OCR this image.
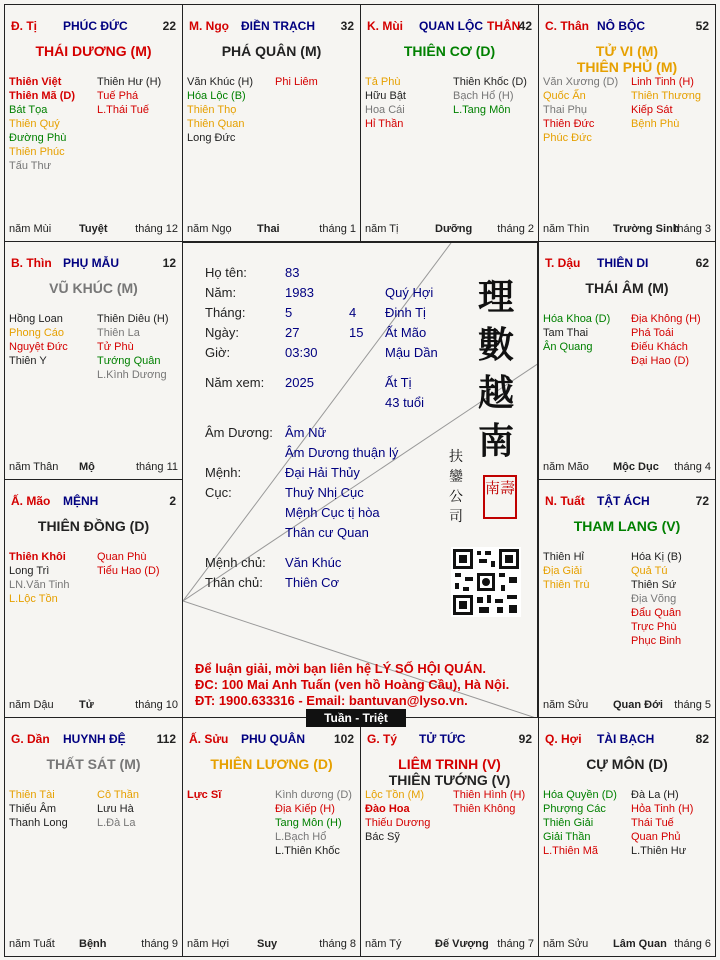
Đ. Tị PHÚC ĐỨC	22
THÁI DƯƠNG (M)
Thiên Việt
Thiên Mã (D)
Bát Tọa
Thiên Quý
Đường Phù
Thiên Phúc
Tấu Thư
Thiên Hư (H)
Tuế Phá
L.Thái Tuế
năm Mùi	Tuyệt	tháng 12
M. Ngọ ĐIỀN TRẠCH 32
PHÁ QUÂN (M)
Văn Khúc (H)
Hóa Lộc (B)
Thiên Thọ
Thiên Quan
Long Đức
Phi Liêm
năm Ngọ Thai	tháng 1
K. Mùi QUAN LỘC THÂN
42
THIÊN CƠ (D)
Tả Phù
Hữu Bật
Hoa Cái
Hỉ Thần
Thiên Khốc (D)
Bạch Hổ (H)
L.Tang Môn
năm Tị	Dưỡng tháng 2
C. Thân NÔ BỘC	52
TỬ VI (M)
THIÊN PHỦ (M)
Văn Xương (D)
Quốc Ấn
Thai Phụ
Thiên Đức
Phúc Đức
Linh Tinh (H)
Thiên Thương
Kiếp Sát
Bệnh Phù
năm Thìn Trường Sinh
tháng 3
B. Thìn PHỤ MẪU	12
VŨ KHÚC (M)
Hồng Loan
Phong Cáo
Nguyệt Đức
Thiên Y
Thiên Diêu (H)
Thiên La
Tử Phù
Tướng Quân
L.Kình Dương
năm Thân Mộ	tháng 11
T. Dậu THIÊN DI	62
THÁI ÂM (M)
Hóa Khoa (D)
Tam Thai
Ân Quang
Địa Không (H)
Phá Toái
Điếu Khách
Đại Hao (D)
năm Mão Mộc Dục tháng 4
Ấ. Mão MỆNH	2
THIÊN ĐỒNG (D)
Thiên Khôi
Long Trì
LN.Văn Tinh
L.Lộc Tồn
Quan Phù
Tiểu Hao (D)
năm Dậu Tử	tháng 10
N. Tuất TẬT ÁCH	72
THAM LANG (V)
Thiên Hỉ
Địa Giải
Thiên Trù
Hóa Kị (B)
Quả Tú
Thiên Sứ
Địa Võng
Đẩu Quân
Trực Phù
Phục Binh
năm Sửu Quan Đới tháng 5
G. Dần HUYNH ĐỆ	112
THẤT SÁT (M)
Thiên Tài
Thiếu Âm
Thanh Long
Cô Thần
Lưu Hà
L.Đà La
năm Tuất Bệnh	tháng 9
Ấ. Sửu PHU QUÂN 102
THIÊN LƯƠNG (D)
Lực Sĩ	Kình dương (D)
Địa Kiếp (H)
Tang Môn (H)
L.Bạch Hổ
L.Thiên Khốc
năm Hợi	Suy	tháng 8
G. Tý TỬ TỨC	92
LIÊM TRINH (V)
THIÊN TƯỚNG (V)
Lộc Tồn (M)
Đào Hoa
Thiếu Dương
Bác Sỹ
Thiên Hình (H)
Thiên Không
năm Tý	Đế Vượng tháng 7
Q. Hợi TÀI BẠCH	82
CỰ MÔN (D)
Hóa Quyền (D)
Phượng Các
Thiên Giải
Giải Thần
L.Thiên Mã
Đà La (H)
Hỏa Tinh (H)
Thái Tuế
Quan Phủ
L.Thiên Hư
năm Sửu Lâm Quan tháng 6
Họ tên:	83
Năm:	1983	Quý Hợi
Tháng:	5	4 Đinh Tị
Ngày:	27	15 Ất Mão
Giờ:	03:30	Mậu Dần
Năm xem: 2025	Ất Tị
43 tuổi
Âm Dương: Âm Nữ
Âm Dương thuận lý
Mệnh:	Đại Hải Thủy
Cục:	Thuỷ Nhị Cục
Mệnh Cục tị hòa
Thân cư Quan
Mệnh chủ: Văn Khúc
Thân chủ: Thiên Cơ
理
數
越
南
扶
鑾
公
司
南壽
Để luận giải, mời bạn liên hệ LÝ SỐ HỘI QUÁN.
ĐC: 100 Mai Anh Tuấn (ven hồ Hoàng Cầu), Hà Nội.
ĐT: 1900.633316 - Email: bantuvan@lyso.vn.
Tuần - Triệt
